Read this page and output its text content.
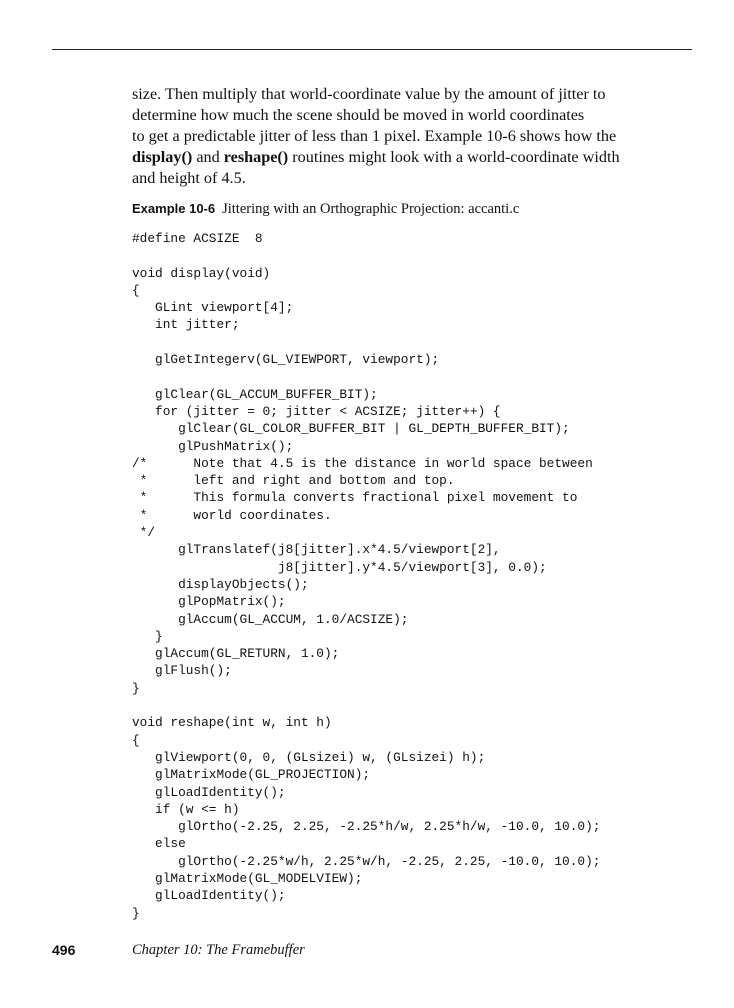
size. Then multiply that world-coordinate value by the amount of jitter to
determine how much the scene should be moved in world coordinates
to get a predictable jitter of less than 1 pixel. Example 10-6 shows how the
display() and reshape() routines might look with a world-coordinate width
and height of 4.5.
Example 10-6 Jittering with an Orthographic Projection: accanti.c
#define ACSIZE  8
void display(void)
{
GLint viewport[4];
int jitter;
glGetIntegerv(GL_VIEWPORT, viewport);
glClear(GL_ACCUM_BUFFER_BIT);
for (jitter = 0; jitter < ACSIZE; jitter++) {
glClear(GL_COLOR_BUFFER_BIT | GL_DEPTH_BUFFER_BIT);
glPushMatrix();
/*      Note that 4.5 is the distance in world space between
*      left and right and bottom and top.
*      This formula converts fractional pixel movement to
*      world coordinates.
*/
glTranslatef(j8[jitter].x*4.5/viewport[2],
j8[jitter].y*4.5/viewport[3], 0.0);
displayObjects();
glPopMatrix();
glAccum(GL_ACCUM, 1.0/ACSIZE);
}
glAccum(GL_RETURN, 1.0);
glFlush();
}
void reshape(int w, int h)
{
glViewport(0, 0, (GLsizei) w, (GLsizei) h);
glMatrixMode(GL_PROJECTION);
glLoadIdentity();
if (w <= h)
glOrtho(-2.25, 2.25, -2.25*h/w, 2.25*h/w, -10.0, 10.0);
else
glOrtho(-2.25*w/h, 2.25*w/h, -2.25, 2.25, -10.0, 10.0);
glMatrixMode(GL_MODELVIEW);
glLoadIdentity();
}
496	Chapter 10: The Framebuffer
